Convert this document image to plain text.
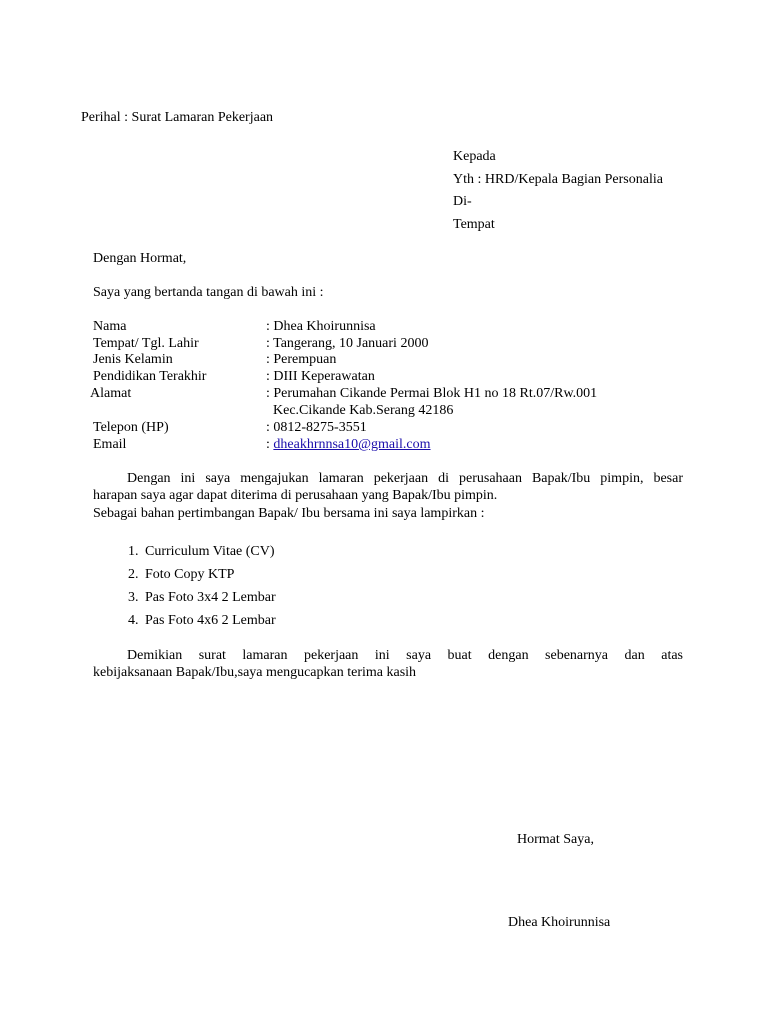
Perihal : Surat Lamaran Pekerjaan
Kepada
Yth : HRD/Kepala Bagian Personalia
Di-
Tempat
Dengan Hormat,
Saya yang bertanda tangan di bawah ini :
Nama	: Dhea Khoirunnisa
Tempat/ Tgl. Lahir	: Tangerang, 10 Januari 2000
Jenis Kelamin	: Perempuan
Pendidikan Terakhir	: DIII Keperawatan
Alamat	: Perumahan Cikande Permai Blok H1 no 18 Rt.07/Rw.001
Kec.Cikande Kab.Serang 42186
Telepon (HP)	: 0812-8275-3551
Email	: dheakhrnnsa10@gmail.com
Dengan ini saya mengajukan lamaran pekerjaan di perusahaan Bapak/Ibu pimpin, besar
harapan saya agar dapat diterima di perusahaan yang Bapak/Ibu pimpin.
Sebagai bahan pertimbangan Bapak/ Ibu bersama ini saya lampirkan :
1. Curriculum Vitae (CV)
2. Foto Copy KTP
3. Pas Foto 3x4 2 Lembar
4. Pas Foto 4x6 2 Lembar
Demikian surat lamaran pekerjaan ini saya buat dengan sebenarnya dan atas
kebijaksanaan Bapak/Ibu,saya mengucapkan terima kasih
Hormat Saya,
Dhea Khoirunnisa
